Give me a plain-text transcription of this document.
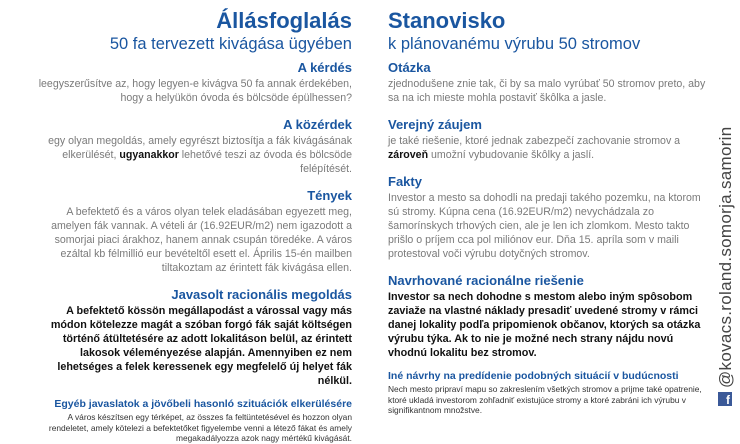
Állásfoglalás
50 fa tervezett kivágása ügyében
A kérdés
leegyszerűsítve az, hogy legyen-e kivágva 50 fa annak érdekében, hogy a helyükön óvoda és bölcsöde épülhessen?
A közérdek
egy olyan megoldás, amely egyrészt biztosítja a fák kivágásának elkerülését, ugyanakkor lehetővé teszi az óvoda és bölcsöde felépítését.
Tények
A befektető és a város olyan telek eladásában egyezett meg, amelyen fák vannak. A vételi ár (16.92EUR/m2) nem igazodott a somorjai piaci árakhoz, hanem annak csupán töredéke. A város ezáltal kb félmillió eur bevételtől esett el. Április 15-én mailben tiltakoztam az érintett fák kivágása ellen.
Javasolt racionális megoldás
A befektető kössön megállapodást a várossal vagy más módon kötelezze magát a szóban forgó fák saját költségen történő átültetésére az adott lokalitáson belül, az érintett lakosok véleményezése alapján. Amennyiben ez nem lehetséges a felek keressenek egy megfelelő új helyet fák nélkül.
Egyéb javaslatok a jövőbeli hasonló szituációk elkerülésére
A város készítsen egy térképet, az összes fa feltüntetésével és hozzon olyan rendeletet, amely kötelezi a befektetőket figyelembe venni a létező fákat és amely megakadályozza azok nagy mértékű kivágását.
Stanovisko
k plánovanému výrubu 50 stromov
Otázka
zjednodušene znie tak, či by sa malo vyrúbať 50 stromov preto, aby sa na ich mieste mohla postaviť škôlka a jasle.
Verejný záujem
je také riešenie, ktoré jednak zabezpečí zachovanie stromov a zároveň umožní vybudovanie škôlky a jaslí.
Fakty
Investor a mesto sa dohodli na predaji takého pozemku, na ktorom sú stromy. Kúpna cena (16.92EUR/m2) nevychádzala zo šamorínskych trhových cien, ale je len ich zlomkom. Mesto takto prišlo o príjem cca pol miliónov eur. Dňa 15. apríla som v maili protestoval voči výrubu dotyčných stromov.
Navrhované racionálne riešenie
Investor sa nech dohodne s mestom alebo iným spôsobom zaviaže na vlastné náklady presadiť uvedené stromy v rámci danej lokality podľa pripomienok občanov, ktorých sa otázka výrubu týka. Ak to nie je možné nech strany nájdu novú vhodnú lokalitu bez stromov.
Iné návrhy na predídenie podobných situácií v budúcnosti
Nech mesto pripraví mapu so zakreslením všetkých stromov a prijme také opatrenie, ktoré ukladá investorom zohľadniť existujúce stromy a ktoré zabráni ich výrubu v signifikantnom množstve.
@kovacs.roland.somorja.samorin
f
